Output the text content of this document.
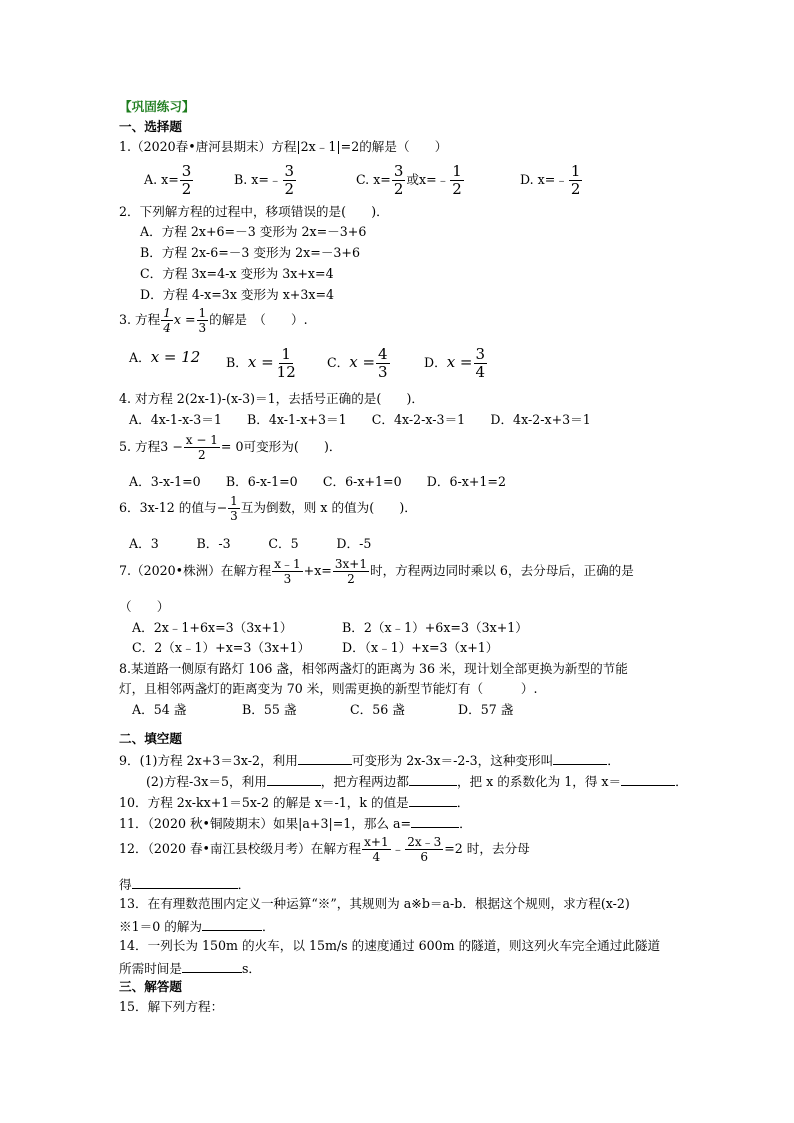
【巩固练习】
一、选择题
1.（2020春•唐河县期末）方程|2x﹣1|=2的解是（　　）
A. $x= \frac{3}{2}$	B. x=﹣ $\frac{3}{2}$	C. $x= \frac{3}{2}$ 或x=﹣ $\frac{1}{2}$	D. x=﹣ $\frac{1}{2}$
2．下列解方程的过程中，移项错误的是(　　)．
A．方程 2x+6=－3 变形为 2x=－3+6
B．方程 2x-6=－3 变形为 2x=－3+6
C．方程 3x=4-x 变形为 3x+x=4
D．方程 4-x=3x 变形为 x+3x=4
3. 方程 $\frac{1}{4}$ $x = \frac{1}{3}$ 的解是　（　　）.
A．x = 12 B．$x = \frac{1}{12}$ C．$x = \frac{4}{3}$	D．$x = \frac{3}{4}$
4. 对方程 2(2x-1)-(x-3)＝1，去括号正确的是(　　)．
A．4x-1-x-3＝1　　B．4x-1-x+3＝1　　C．4x-2-x-3＝1　　D．4x-2-x+3＝1
5. 方程$3 - \frac{x - 1}{2} = 0$可变形为(　　)．
A．3-x-1=0　　B．6-x-1=0　　C．6-x+1=0　　D．6-x+1=2
6．3x-12 的值与− $\frac{1}{3}$ 互为倒数，则 x 的值为(　　)．
A．3　　　B．-3　　　C．5　　　D．-5
7.（2020•株洲）在解方程 $\frac{x﹣1}{3} +x= \frac{3x+1}{2}$ 时，方程两边同时乘以 6，去分母后，正确的是
（　　）
A．2x﹣1+6x=3（3x+1）	B．2（x﹣1）+6x=3（3x+1）
C．2（x﹣1）+x=3（3x+1）	D．（x﹣1）+x=3（x+1）
8.某道路一侧原有路灯 106 盏，相邻两盏灯的距离为 36 米，现计划全部更换为新型的节能
灯，且相邻两盏灯的距离变为 70 米，则需更换的新型节能灯有（　　　）.
A．54 盏	B．55 盏	C．56 盏	D．57 盏
二、填空题
9．(1)方程 2x+3＝3x-2，利用	可变形为 2x-3x＝-2-3，这种变形叫	．
(2)方程-3x＝5，利用	，把方程两边都	，把 x 的系数化为 1，得 x＝	．
10．方程 2x-kx+1＝5x-2 的解是 x＝-1，k 的值是	．
11．（2020 秋•铜陵期末）如果|a+3|=1，那么 a=	．
12．（2020 春•南江县校级月考）在解方程 $\frac{x+1}{4}$ ﹣ $\frac{2x﹣3}{6} =2$ 时，去分母
得	．
13．在有理数范围内定义一种运算“※”，其规则为 a※b＝a-b．根据这个规则，求方程(x-2)
※1＝0 的解为	．
14．一列长为 150m 的火车，以 15m/s 的速度通过 600m 的隧道，则这列火车完全通过此隧道
所需时间是	s．
三、解答题
15．解下列方程：
